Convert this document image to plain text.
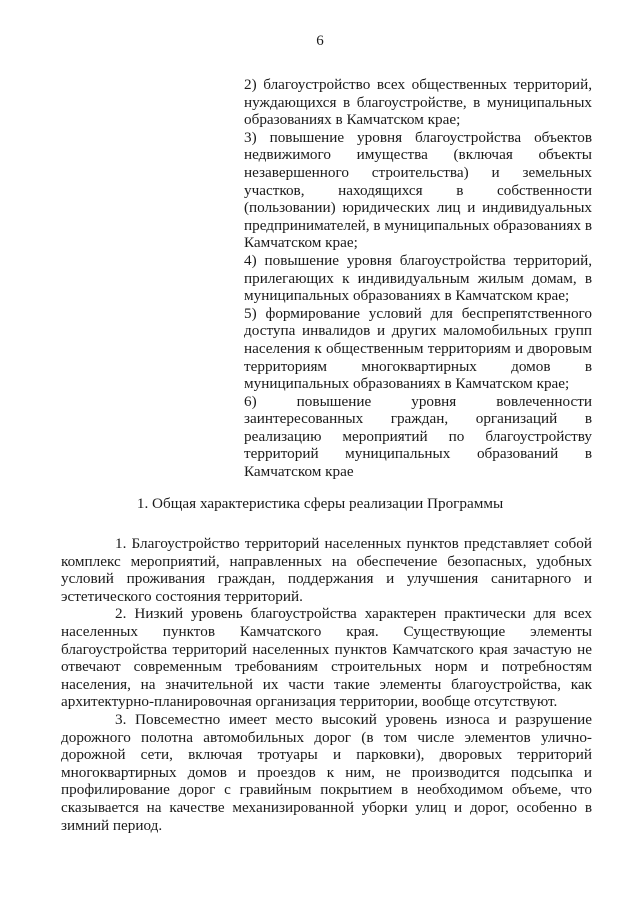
6

2) благоустройство всех общественных территорий, нуждающихся в благоустройстве, в муниципальных образованиях в Камчатском крае;

3) повышение уровня благоустройства объектов недвижимого имущества (включая объекты незавершенного строительства) и земельных участков, находящихся в собственности (пользовании) юридических лиц и индивидуальных предпринимателей, в муниципальных образованиях в Камчатском крае;

4) повышение уровня благоустройства территорий, прилегающих к индивидуальным жилым домам, в муниципальных образованиях в Камчатском крае;

5) формирование условий для беспрепятственного доступа инвалидов и других маломобильных групп населения к общественным территориям и дворовым территориям многоквартирных домов в муниципальных образованиях в Камчатском крае;

6) повышение уровня вовлеченности заинтересованных граждан, организаций в реализацию мероприятий по благоустройству территорий муниципальных образований в Камчатском крае

1. Общая характеристика сферы реализации Программы

1. Благоустройство территорий населенных пунктов представляет собой комплекс мероприятий, направленных на обеспечение безопасных, удобных условий проживания граждан, поддержания и улучшения санитарного и эстетического состояния территорий.

2. Низкий уровень благоустройства характерен практически для всех населенных пунктов Камчатского края. Существующие элементы благоустройства территорий населенных пунктов Камчатского края зачастую не отвечают современным требованиям строительных норм и потребностям населения, на значительной их части такие элементы благоустройства, как архитектурно-планировочная организация территории, вообще отсутствуют.

3. Повсеместно имеет место высокий уровень износа и разрушение дорожного полотна автомобильных дорог (в том числе элементов улично-дорожной сети, включая тротуары и парковки), дворовых территорий многоквартирных домов и проездов к ним, не производится подсыпка и профилирование дорог с гравийным покрытием в необходимом объеме, что сказывается на качестве механизированной уборки улиц и дорог, особенно в зимний период.
